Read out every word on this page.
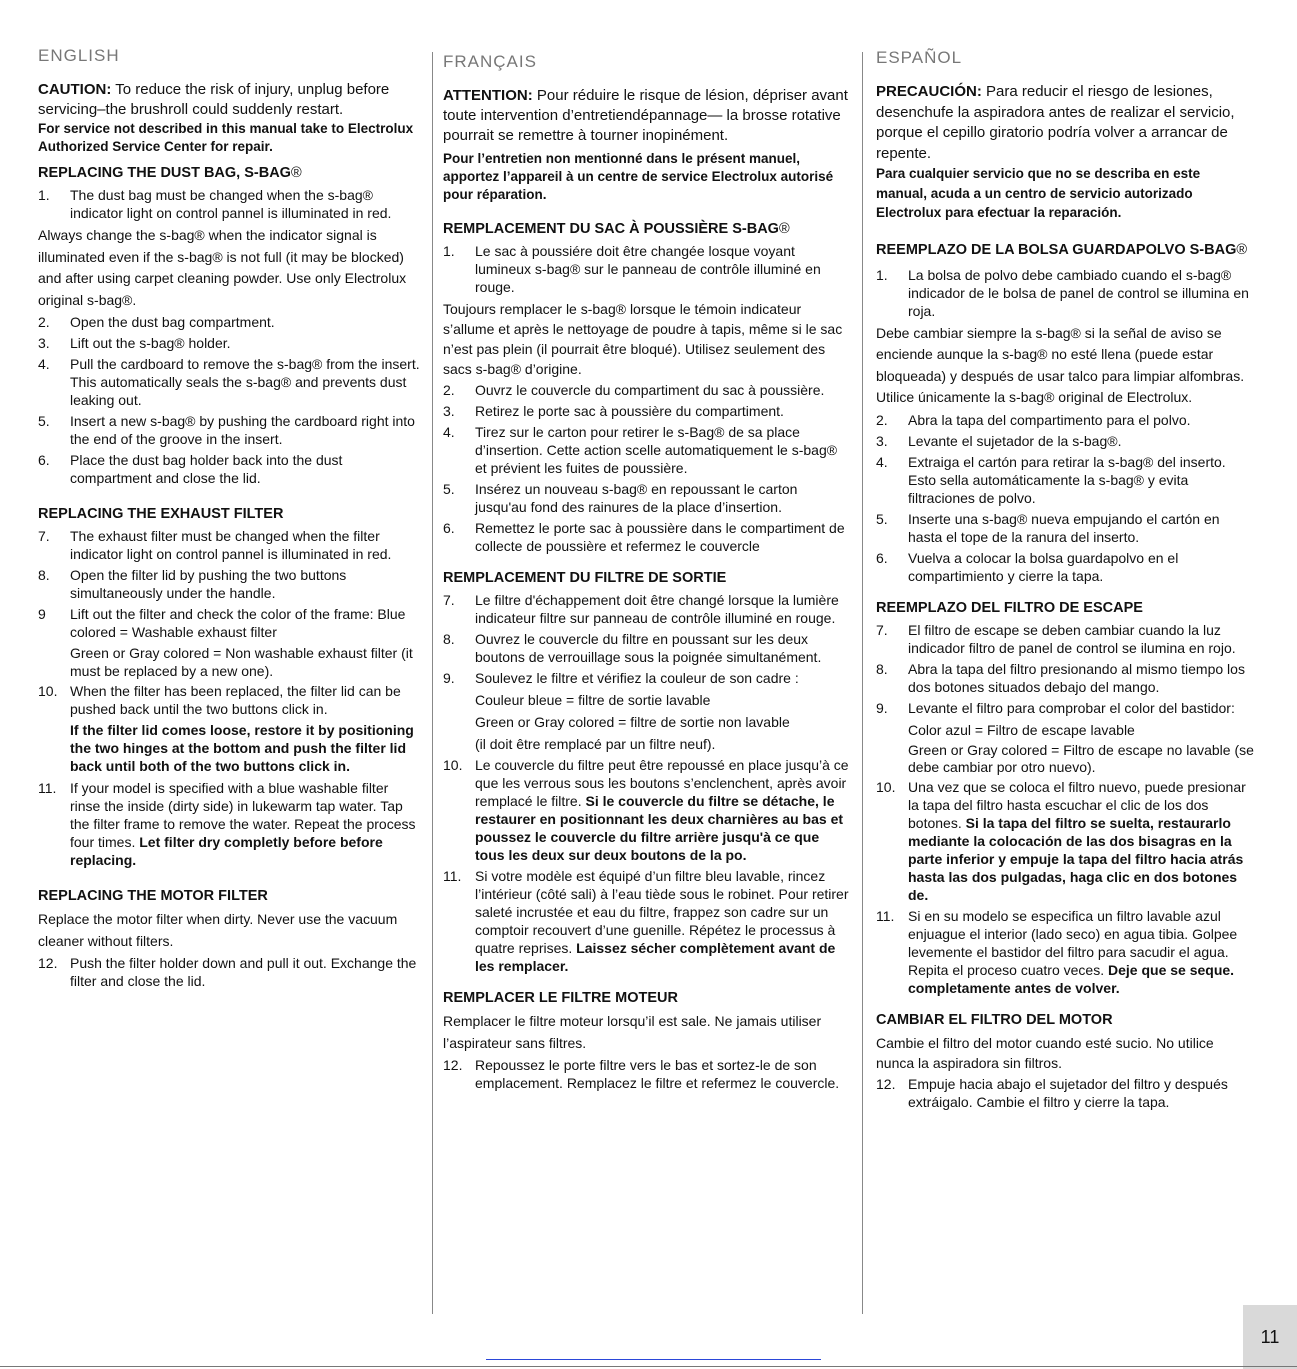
ENGLISH

CAUTION: To reduce the risk of injury, unplug before servicing–the brushroll could suddenly restart.

For service not described in this manual take to Electrolux Authorized Service Center for repair.

REPLACING THE DUST BAG, S-BAG®
1.	The dust bag must be changed when the s-bag® indicator light on control pannel is illuminated in red.

Always change the s-bag® when the indicator signal is illuminated even if the s-bag® is not full (it may be blocked) and after using carpet cleaning powder. Use only Electrolux original s-bag®.

2.	Open the dust bag compartment.
3.	Lift out the s-bag® holder.
4.	Pull the cardboard to remove the s-bag® from the insert. This automatically seals the s-bag® and prevents dust leaking out.
5.	Insert a new s-bag® by pushing the cardboard right into the end of the groove in the insert.
6.	Place the dust bag holder back into the dust compartment and close the lid.
REPLACING THE EXHAUST FILTER
7.	The exhaust filter must be changed when the filter indicator light on control pannel is illuminated in red.
8.	Open the filter lid by pushing the two buttons simultaneously under the handle.
9	Lift out the filter and check the color of the frame: Blue colored = Washable exhaust filter
Green or Gray colored = Non washable exhaust filter (it must be replaced by a new one).
10. When the filter has been replaced, the filter lid can be pushed back until the two buttons click in.

If the filter lid comes loose, restore it by positioning the two hinges at the bottom and push the filter lid back until both of the two buttons click in.

11. If your model is specified with a blue washable filter rinse the inside (dirty side) in lukewarm tap water. Tap the filter frame to remove the water. Repeat the process four times. Let filter dry completly before before replacing.
REPLACING THE MOTOR FILTER

Replace the motor filter when dirty. Never use the vacuum cleaner without filters.

12. Push the filter holder down and pull it out. Exchange the filter and close the lid.
FRANÇAIS

ATTENTION: Pour réduire le risque de lésion, dépriser avant toute intervention d’entretiendépannage— la brosse rotative pourrait se remettre à tourner inopinément.

Pour l’entretien non mentionné dans le présent manuel, apportez l’appareil à un centre de service Electrolux autorisé pour réparation.

REMPLACEMENT DU SAC À POUSSIÈRE S-BAG®
1.	Le sac à poussiére doit être changée losque voyant lumineux s-bag® sur le panneau de contrôle illuminé en rouge.

Toujours remplacer le s-bag® lorsque le témoin indicateur s’allume et après le nettoyage de poudre à tapis, même si le sac n’est pas plein (il pourrait être bloqué). Utilisez seulement des sacs s-bag® d’origine.

2.	Ouvrz le couvercle du compartiment du sac à poussière.
3.	Retirez le porte sac à poussière du compartiment.
4.	Tirez sur le carton pour retirer le s-Bag® de sa place d’insertion. Cette action scelle automatiquement le s-bag® et prévient les fuites de poussière.
5.	Insérez un nouveau s-bag® en repoussant le carton jusqu'au fond des rainures de la place d’insertion.
6.	Remettez le porte sac à poussière dans le compartiment de collecte de poussière et refermez le couvercle
REMPLACEMENT DU FILTRE DE SORTIE
7.	Le filtre d'échappement doit être changé lorsque la lumière indicateur filtre sur panneau de contrôle illuminé en rouge.
8.	Ouvrez le couvercle du filtre en poussant sur les deux boutons de verrouillage sous la poignée simultanément.
9.	Soulevez le filtre et vérifiez la couleur de son cadre :
Couleur bleue = filtre de sortie lavable
Green or Gray colored = filtre de sortie non lavable
(il doit être remplacé par un filtre neuf).
10. Le couvercle du filtre peut être repoussé en place jusqu’à ce que les verrous sous les boutons s’enclenchent, après avoir remplacé le filtre. Si le couvercle du filtre se détache, le restaurer en positionnant les deux charnières au bas et poussez le couvercle du filtre arrière jusqu'à ce que tous les deux sur deux boutons de la po.
11. Si votre modèle est équipé d’un filtre bleu lavable, rincez l’intérieur (côté sali) à l’eau tiède sous le robinet. Pour retirer saleté incrustée et eau du filtre, frappez son cadre sur un comptoir recouvert d’une guenille. Répétez le processus à quatre reprises. Laissez sécher complètement avant de les remplacer.
REMPLACER LE FILTRE MOTEUR

Remplacer le filtre moteur lorsqu’il est sale. Ne jamais utiliser l’aspirateur sans filtres.

12. Repoussez le porte filtre vers le bas et sortez-le de son emplacement. Remplacez le filtre et refermez le couvercle.
ESPAÑOL

PRECAUCIÓN: Para reducir el riesgo de lesiones, desenchufe la aspiradora antes de realizar el servicio, porque el cepillo giratorio podría volver a arrancar de repente.

Para cualquier servicio que no se describa en este manual, acuda a un centro de servicio autorizado Electrolux para efectuar la reparación.

REEMPLAZO DE LA BOLSA GUARDAPOLVO S-BAG®
1.	La bolsa de polvo debe cambiado cuando el s-bag® indicador de le bolsa de panel de control se illumina en roja.

Debe cambiar siempre la s-bag® si la señal de aviso se enciende aunque la s-bag® no esté llena (puede estar bloqueada) y después de usar talco para limpiar alfombras. Utilice únicamente la s-bag® original de Electrolux.

2.	Abra la tapa del compartimento para el polvo.
3.	Levante el sujetador de la s-bag®.
4.	Extraiga el cartón para retirar la s-bag® del inserto. Esto sella automáticamente la s-bag® y evita filtraciones de polvo.
5.	Inserte una s-bag® nueva empujando el cartón en hasta el tope de la ranura del inserto.
6.	Vuelva a colocar la bolsa guardapolvo en el compartimiento y cierre la tapa.
REEMPLAZO DEL FILTRO DE ESCAPE
7.	El filtro de escape se deben cambiar cuando la luz indicador filtro de panel de control se ilumina en rojo.
8.	Abra la tapa del filtro presionando al mismo tiempo los dos botones situados debajo del mango.
9.	Levante el filtro para comprobar el color del bastidor:
Color azul = Filtro de escape lavable
Green or Gray colored = Filtro de escape no lavable (se debe cambiar por otro nuevo).
10. Una vez que se coloca el filtro nuevo, puede presionar la tapa del filtro hasta escuchar el clic de los dos botones. Si la tapa del filtro se suelta, restaurarlo mediante la colocación de las dos bisagras en la parte inferior y empuje la tapa del filtro hacia atrás hasta las dos pulgadas, haga clic en dos botones de.
11. Si en su modelo se especifica un filtro lavable azul enjuague el interior (lado seco) en agua tibia. Golpee levemente el bastidor del filtro para sacudir el agua. Repita el proceso cuatro veces. Deje que se seque. completamente antes de volver.
CAMBIAR EL FILTRO DEL MOTOR

Cambie el filtro del motor cuando esté sucio. No utilice nunca la aspiradora sin filtros.

12. Empuje hacia abajo el sujetador del filtro y después extráigalo. Cambie el filtro y cierre la tapa.
11
